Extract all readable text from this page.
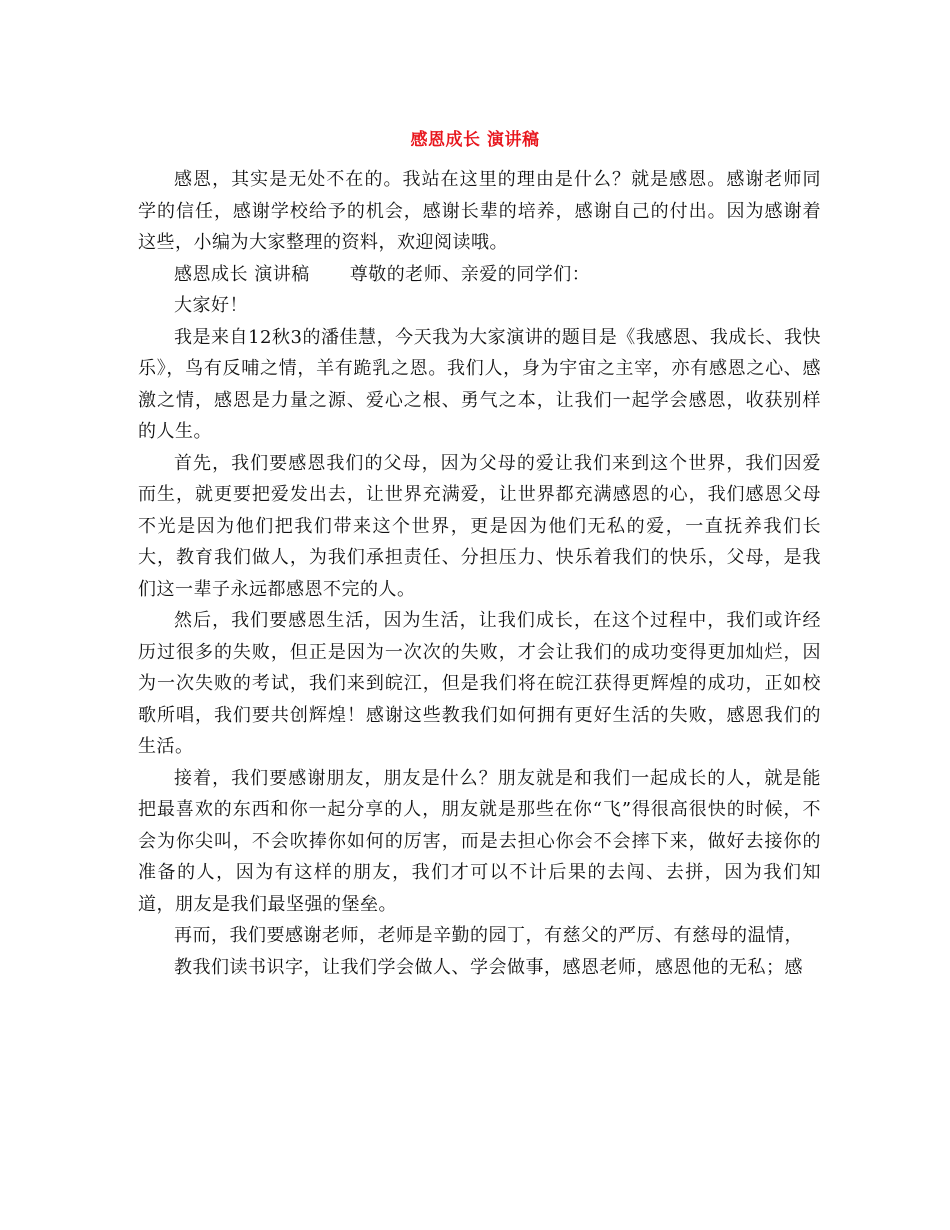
感恩成长 演讲稿

感恩，其实是无处不在的。我站在这里的理由是什么？就是感恩。感谢老师同学的信任，感谢学校给予的机会，感谢长辈的培养，感谢自己的付出。因为感谢着这些，小编为大家整理的资料，欢迎阅读哦。

感恩成长 演讲稿 尊敬的老师、亲爱的同学们：

大家好！

我是来自12秋3的潘佳慧，今天我为大家演讲的题目是《我感恩、我成长、我快乐》，鸟有反哺之情，羊有跪乳之恩。我们人，身为宇宙之主宰，亦有感恩之心、感激之情，感恩是力量之源、爱心之根、勇气之本，让我们一起学会感恩，收获别样的人生。

首先，我们要感恩我们的父母，因为父母的爱让我们来到这个世界，我们因爱而生，就更要把爱发出去，让世界充满爱，让世界都充满感恩的心，我们感恩父母不光是因为他们把我们带来这个世界，更是因为他们无私的爱，一直抚养我们长大，教育我们做人，为我们承担责任、分担压力、快乐着我们的快乐，父母，是我们这一辈子永远都感恩不完的人。

然后，我们要感恩生活，因为生活，让我们成长，在这个过程中，我们或许经历过很多的失败，但正是因为一次次的失败，才会让我们的成功变得更加灿烂，因为一次失败的考试，我们来到皖江，但是我们将在皖江获得更辉煌的成功，正如校歌所唱，我们要共创辉煌！感谢这些教我们如何拥有更好生活的失败，感恩我们的生活。

接着，我们要感谢朋友，朋友是什么？朋友就是和我们一起成长的人，就是能把最喜欢的东西和你一起分享的人，朋友就是那些在你“飞”得很高很快的时候，不会为你尖叫，不会吹捧你如何的厉害，而是去担心你会不会摔下来，做好去接你的准备的人，因为有这样的朋友，我们才可以不计后果的去闯、去拼，因为我们知道，朋友是我们最坚强的堡垒。

再而，我们要感谢老师，老师是辛勤的园丁，有慈父的严厉、有慈母的温情，

教我们读书识字，让我们学会做人、学会做事，感恩老师，感恩他的无私；感
